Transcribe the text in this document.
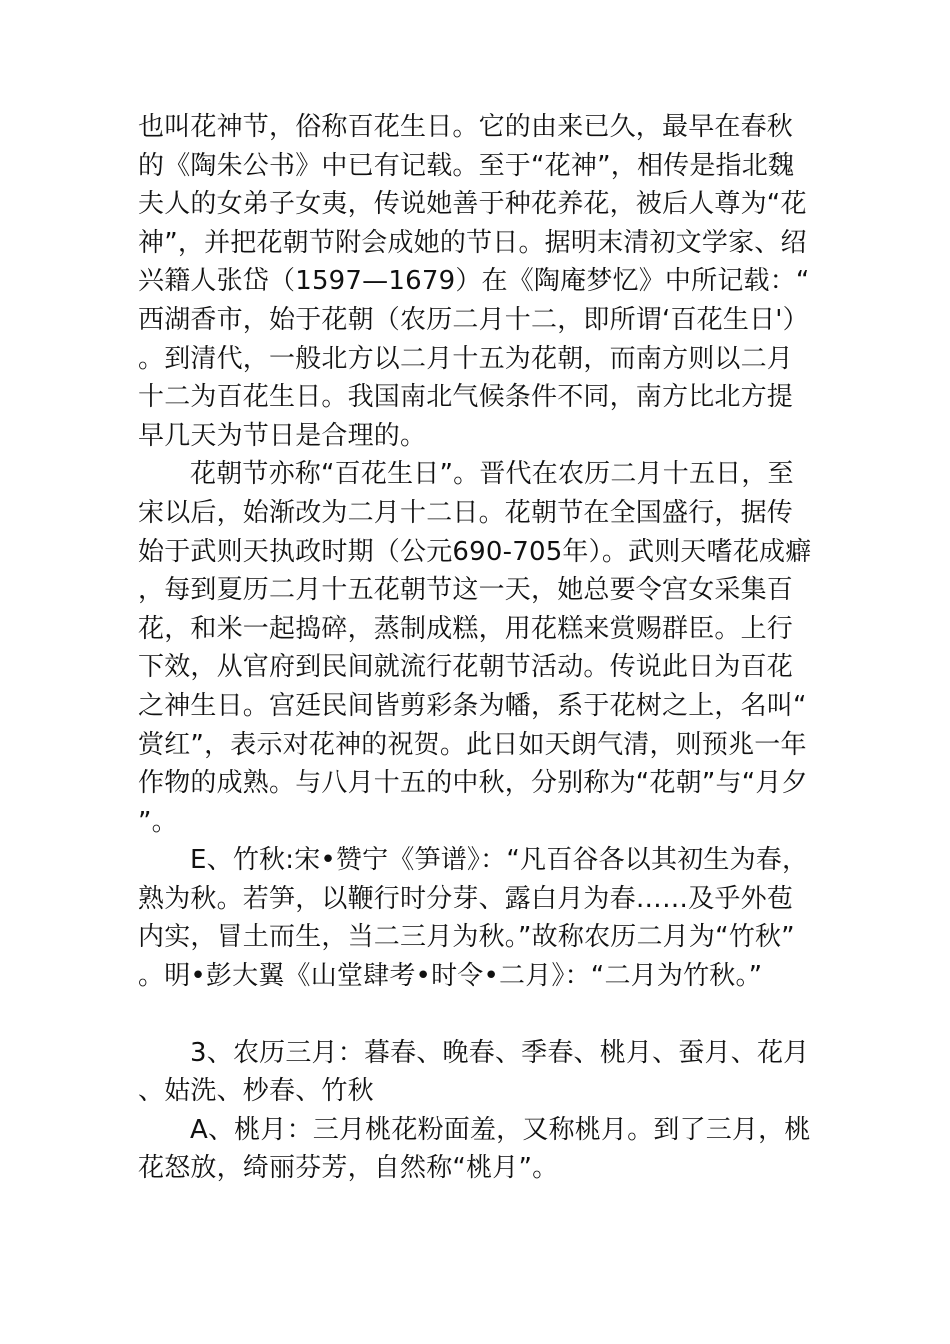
也叫花神节，俗称百花生日。它的由来已久，最早在春秋的《陶朱公书》中已有记载。至于“花神”，相传是指北魏夫人的女弟子女夷，传说她善于种花养花，被后人尊为“花神”，并把花朝节附会成她的节日。据明末清初文学家、绍兴籍人张岱（1597—1679）在《陶庵梦忆》中所记载：“西湖香市，始于花朝（农历二月十二，即所谓‘百花生日'）。到清代，一般北方以二月十五为花朝，而南方则以二月十二为百花生日。我国南北气候条件不同，南方比北方提早几天为节日是合理的。

花朝节亦称“百花生日”。晋代在农历二月十五日，至宋以后，始渐改为二月十二日。花朝节在全国盛行，据传始于武则天执政时期（公元690-705年）。武则天嗜花成癖，每到夏历二月十五花朝节这一天，她总要令宫女采集百花，和米一起捣碎，蒸制成糕，用花糕来赏赐群臣。上行下效，从官府到民间就流行花朝节活动。传说此日为百花之神生日。宫廷民间皆剪彩条为幡，系于花树之上，名叫“赏红”，表示对花神的祝贺。此日如天朗气清，则预兆一年作物的成熟。与八月十五的中秋，分别称为“花朝”与“月夕”。

E、竹秋:宋•赞宁《笋谱》：“凡百谷各以其初生为春，熟为秋。若笋，以鞭行时分芽、露白月为春……及乎外苞内实，冒土而生，当二三月为秋。”故称农历二月为“竹秋”。明•彭大翼《山堂肆考•时令•二月》：“二月为竹秋。”

3、农历三月：暮春、晚春、季春、桃月、蚕月、花月、姑洗、杪春、竹秋

A、桃月：三月桃花粉面羞，又称桃月。到了三月，桃花怒放，绮丽芬芳，自然称“桃月”。
